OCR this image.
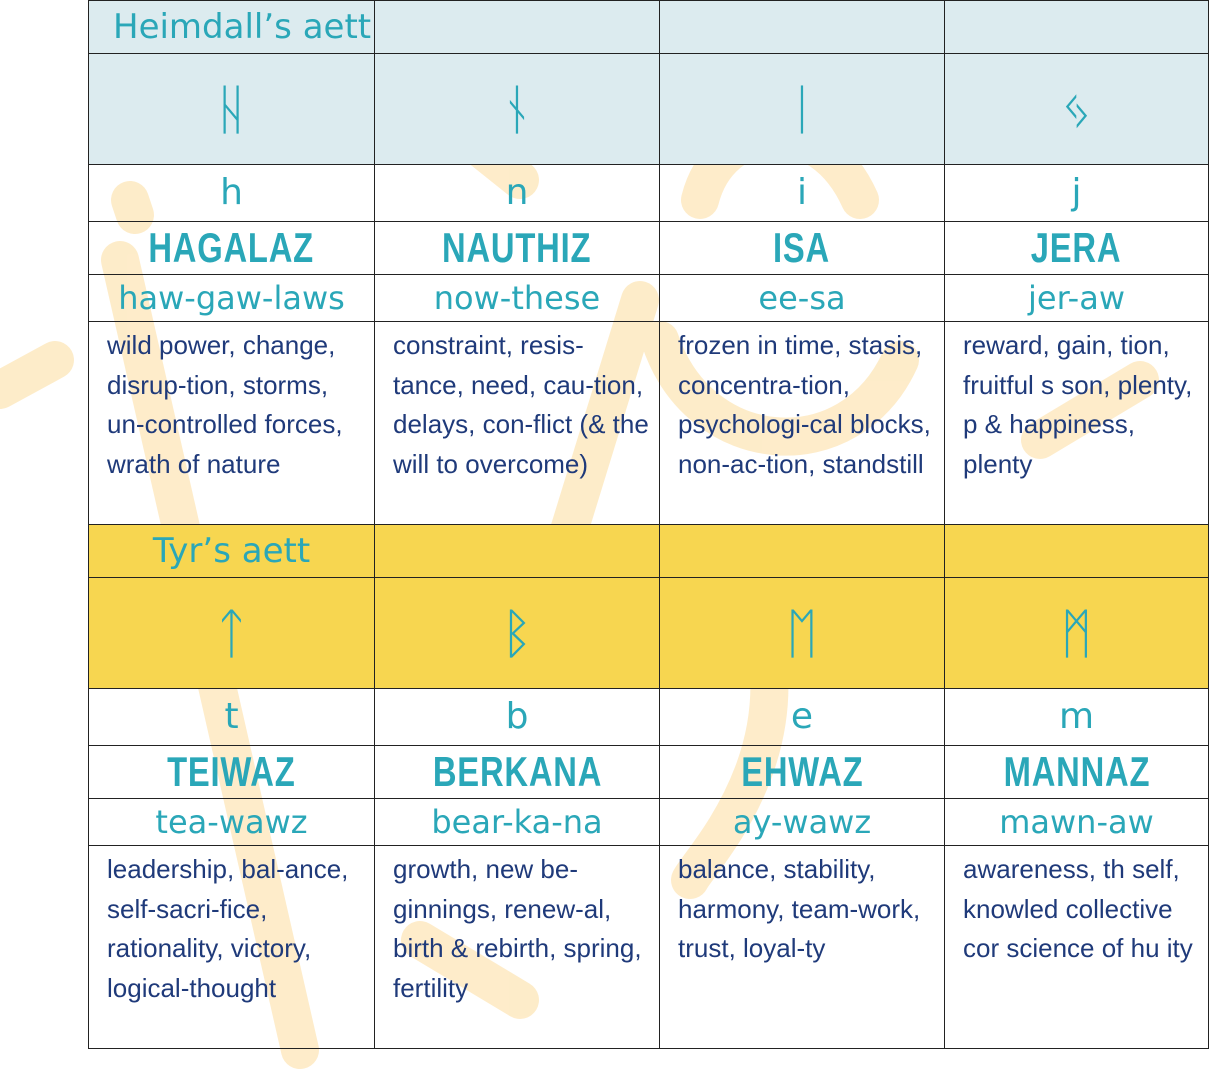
Heimdall’s aett			
ᚺ	ᚾ	ᛁ	ᛃ
h	n	i	j
HAGALAZ	NAUTHIZ	ISA	JERA
haw-gaw-laws	now-these	ee-sa	jer-aw
wild power, change, disrup-tion, storms, un-controlled forces, wrath of nature	constraint, resis-tance, need, cau-tion, delays, con-flict (& the will to overcome)	frozen in time, stasis, concentra-tion, psychologi-cal blocks, non-ac-tion, standstill	reward, gain, tion, fruitful s son, plenty, p & happiness, plenty
Tyr’s aett			
ᛏ	ᛒ	ᛖ	ᛗ
t	b	e	m
TEIWAZ	BERKANA	EHWAZ	MANNAZ
tea-wawz	bear-ka-na	ay-wawz	mawn-aw
leadership, bal-ance, self-sacri-fice, rationality, victory, logical-thought	growth, new be-ginnings, renew-al, birth & rebirth, spring, fertility	balance, stability, harmony, team-work, trust, loyal-ty	awareness, th self, knowled collective cor science of hu ity
